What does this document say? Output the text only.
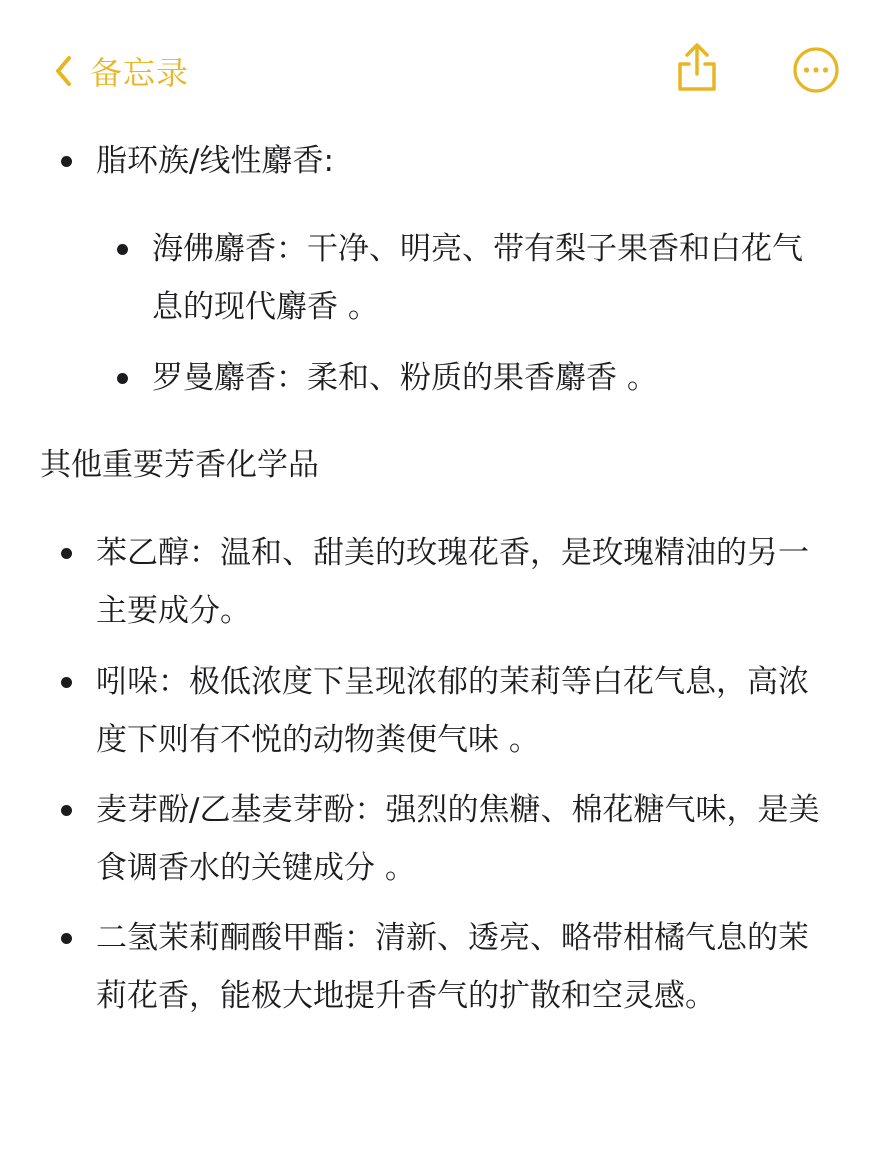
备忘录
脂环族/线性麝香:
海佛麝香：干净、明亮、带有梨子果香和白花气
息的现代麝香 。
罗曼麝香：柔和、粉质的果香麝香 。
其他重要芳香化学品
苯乙醇：温和、甜美的玫瑰花香，是玫瑰精油的另一
主要成分。
吲哚：极低浓度下呈现浓郁的茉莉等白花气息，高浓
度下则有不悦的动物粪便气味 。
麦芽酚/乙基麦芽酚：强烈的焦糖、棉花糖气味，是美
食调香水的关键成分 。
二氢茉莉酮酸甲酯：清新、透亮、略带柑橘气息的茉
莉花香，能极大地提升香气的扩散和空灵感。
